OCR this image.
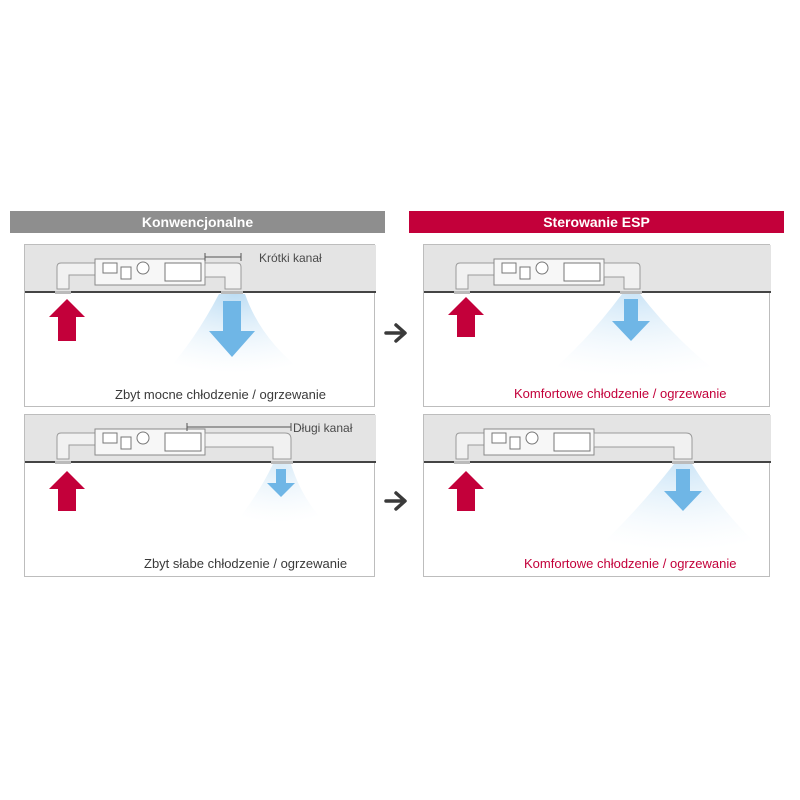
Konwencjonalne	Sterowanie ESP
Krótki kanał
Zbyt mocne chłodzenie / ogrzewanie	Komfortowe chłodzenie / ogrzewanie
Długi kanał
Zbyt słabe chłodzenie / ogrzewanie	Komfortowe chłodzenie / ogrzewanie
